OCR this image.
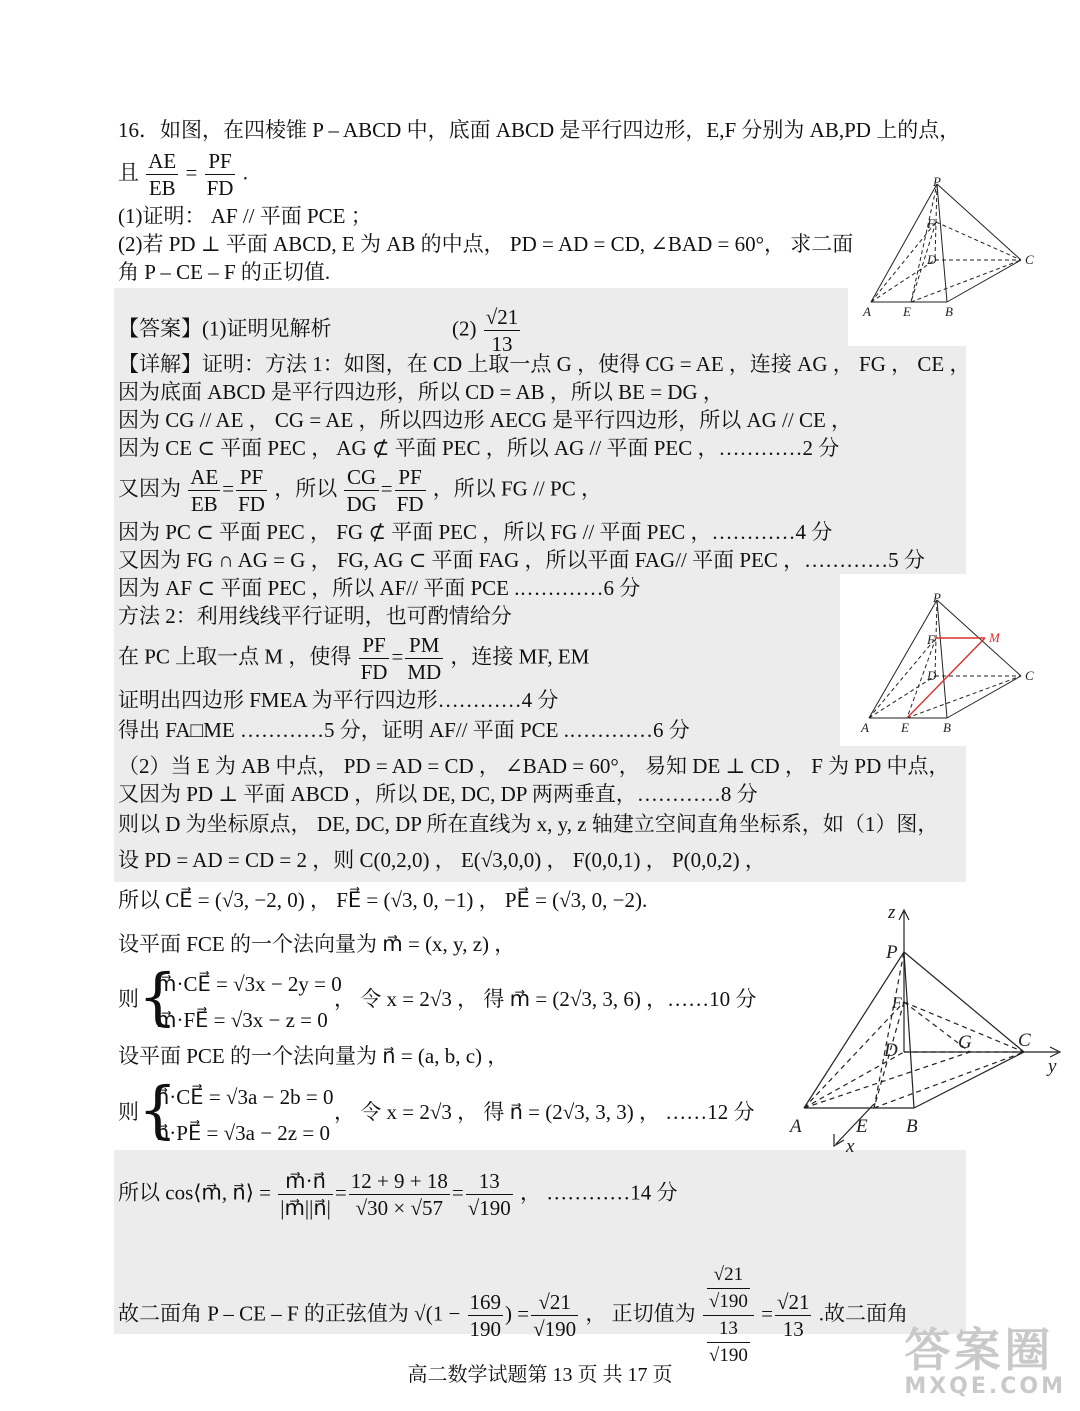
16．如图，在四棱锥 P – ABCD 中，底面 ABCD 是平行四边形，E,F 分别为 AB,PD 上的点，
且 $\frac{AE}{EB} = \frac{PF}{FD}$ .
(1)证明： AF // 平面 PCE ；
(2)若 PD ⊥ 平面 ABCD, E 为 AB 的中点， PD = AD = CD, ∠BAD = 60°， 求二面
角 P – CE – F 的正切值.
【答案】(1)证明见解析	$(2) \frac{√21}{13}$
【详解】证明：方法 1：如图，在 CD 上取一点 G ，使得 CG = AE ，连接 AG ， FG ， CE ，
因为底面 ABCD 是平行四边形，所以 CD = AB ，所以 BE = DG ，
因为 CG // AE ， CG = AE ，所以四边形 AECG 是平行四边形，所以 AG // CE ，
因为 CE ⊂ 平面 PEC ， AG ⊄ 平面 PEC ，所以 AG // 平面 PEC ，…………2 分
又因为 $\frac{AE}{EB} = \frac{PF}{FD}$ ，所以 $\frac{CG}{DG} = \frac{PF}{FD}$ ，所以 FG // PC ，
因为 PC ⊂ 平面 PEC ， FG ⊄ 平面 PEC ，所以 FG // 平面 PEC ，…………4 分
又因为 FG ∩ AG = G ， FG, AG ⊂ 平面 FAG ，所以平面 FAG// 平面 PEC ，…………5 分
因为 AF ⊂ 平面 PEC ，所以 AF// 平面 PCE .…………6 分
方法 2：利用线线平行证明，也可酌情给分
在 PC 上取一点 M ，使得 $\frac{PF}{FD} = \frac{PM}{MD}$ ，连接 MF, EM
证明出四边形 FMEA 为平行四边形…………4 分
得出 FA□ME …………5 分，证明 AF// 平面 PCE .…………6 分
（2）当 E 为 AB 中点， PD = AD = CD ， ∠BAD = 60°， 易知 DE ⊥ CD ， F 为 PD 中点，
又因为 PD ⊥ 平面 ABCD ，所以 DE, DC, DP 两两垂直，…………8 分
则以 D 为坐标原点， DE, DC, DP 所在直线为 x, y, z 轴建立空间直角坐标系，如（1）图，
设 PD = AD = CD = 2 ，则 C(0,2,0) ， E(√3,0,0) ， F(0,0,1) ， P(0,0,2) ，
所以 CE⃗ = (√3, −2, 0) ， FE⃗ = (√3, 0, −1) ， PE⃗ = (√3, 0, −2).
设平面 FCE 的一个法向量为 m⃗ = (x, y, z) ，
则 {
m⃗·CE⃗ = √3x − 2y = 0
m⃗·FE⃗ = √3x − z = 0
， 令 x = 2√3 ， 得 m⃗ = (2√3, 3, 6) ，……10 分
设平面 PCE 的一个法向量为 n⃗ = (a, b, c) ，
则 {
n⃗·CE⃗ = √3a − 2b = 0
n⃗·PE⃗ = √3a − 2z = 0
， 令 x = 2√3 ， 得 n⃗ = (2√3, 3, 3) ， ……12 分
所以 cos⟨m⃗, n⃗⟩ = $\frac{m⃗\cdot n⃗}{|m⃗||n⃗|} = \frac{12 + 9 + 18}{√30 \times √57} = \frac{13}{√190}$ ， …………14 分
故二面角 P – CE – F 的正弦值为 $√(1 - \frac{169}{190}$ ) = $\frac{√21}{√190}$ ， 正切值为 $\frac{\frac{√21}{√190}}{\frac{13}{√190}} = \frac{√21}{13}$ .故二面角
P
F
D	C
A E	B
P
F
D	C
A E	B
M
z
P
F
D	G C
y
A	E B
x
高二数学试题第 13 页 共 17 页	答案圈
MXQE.COM
